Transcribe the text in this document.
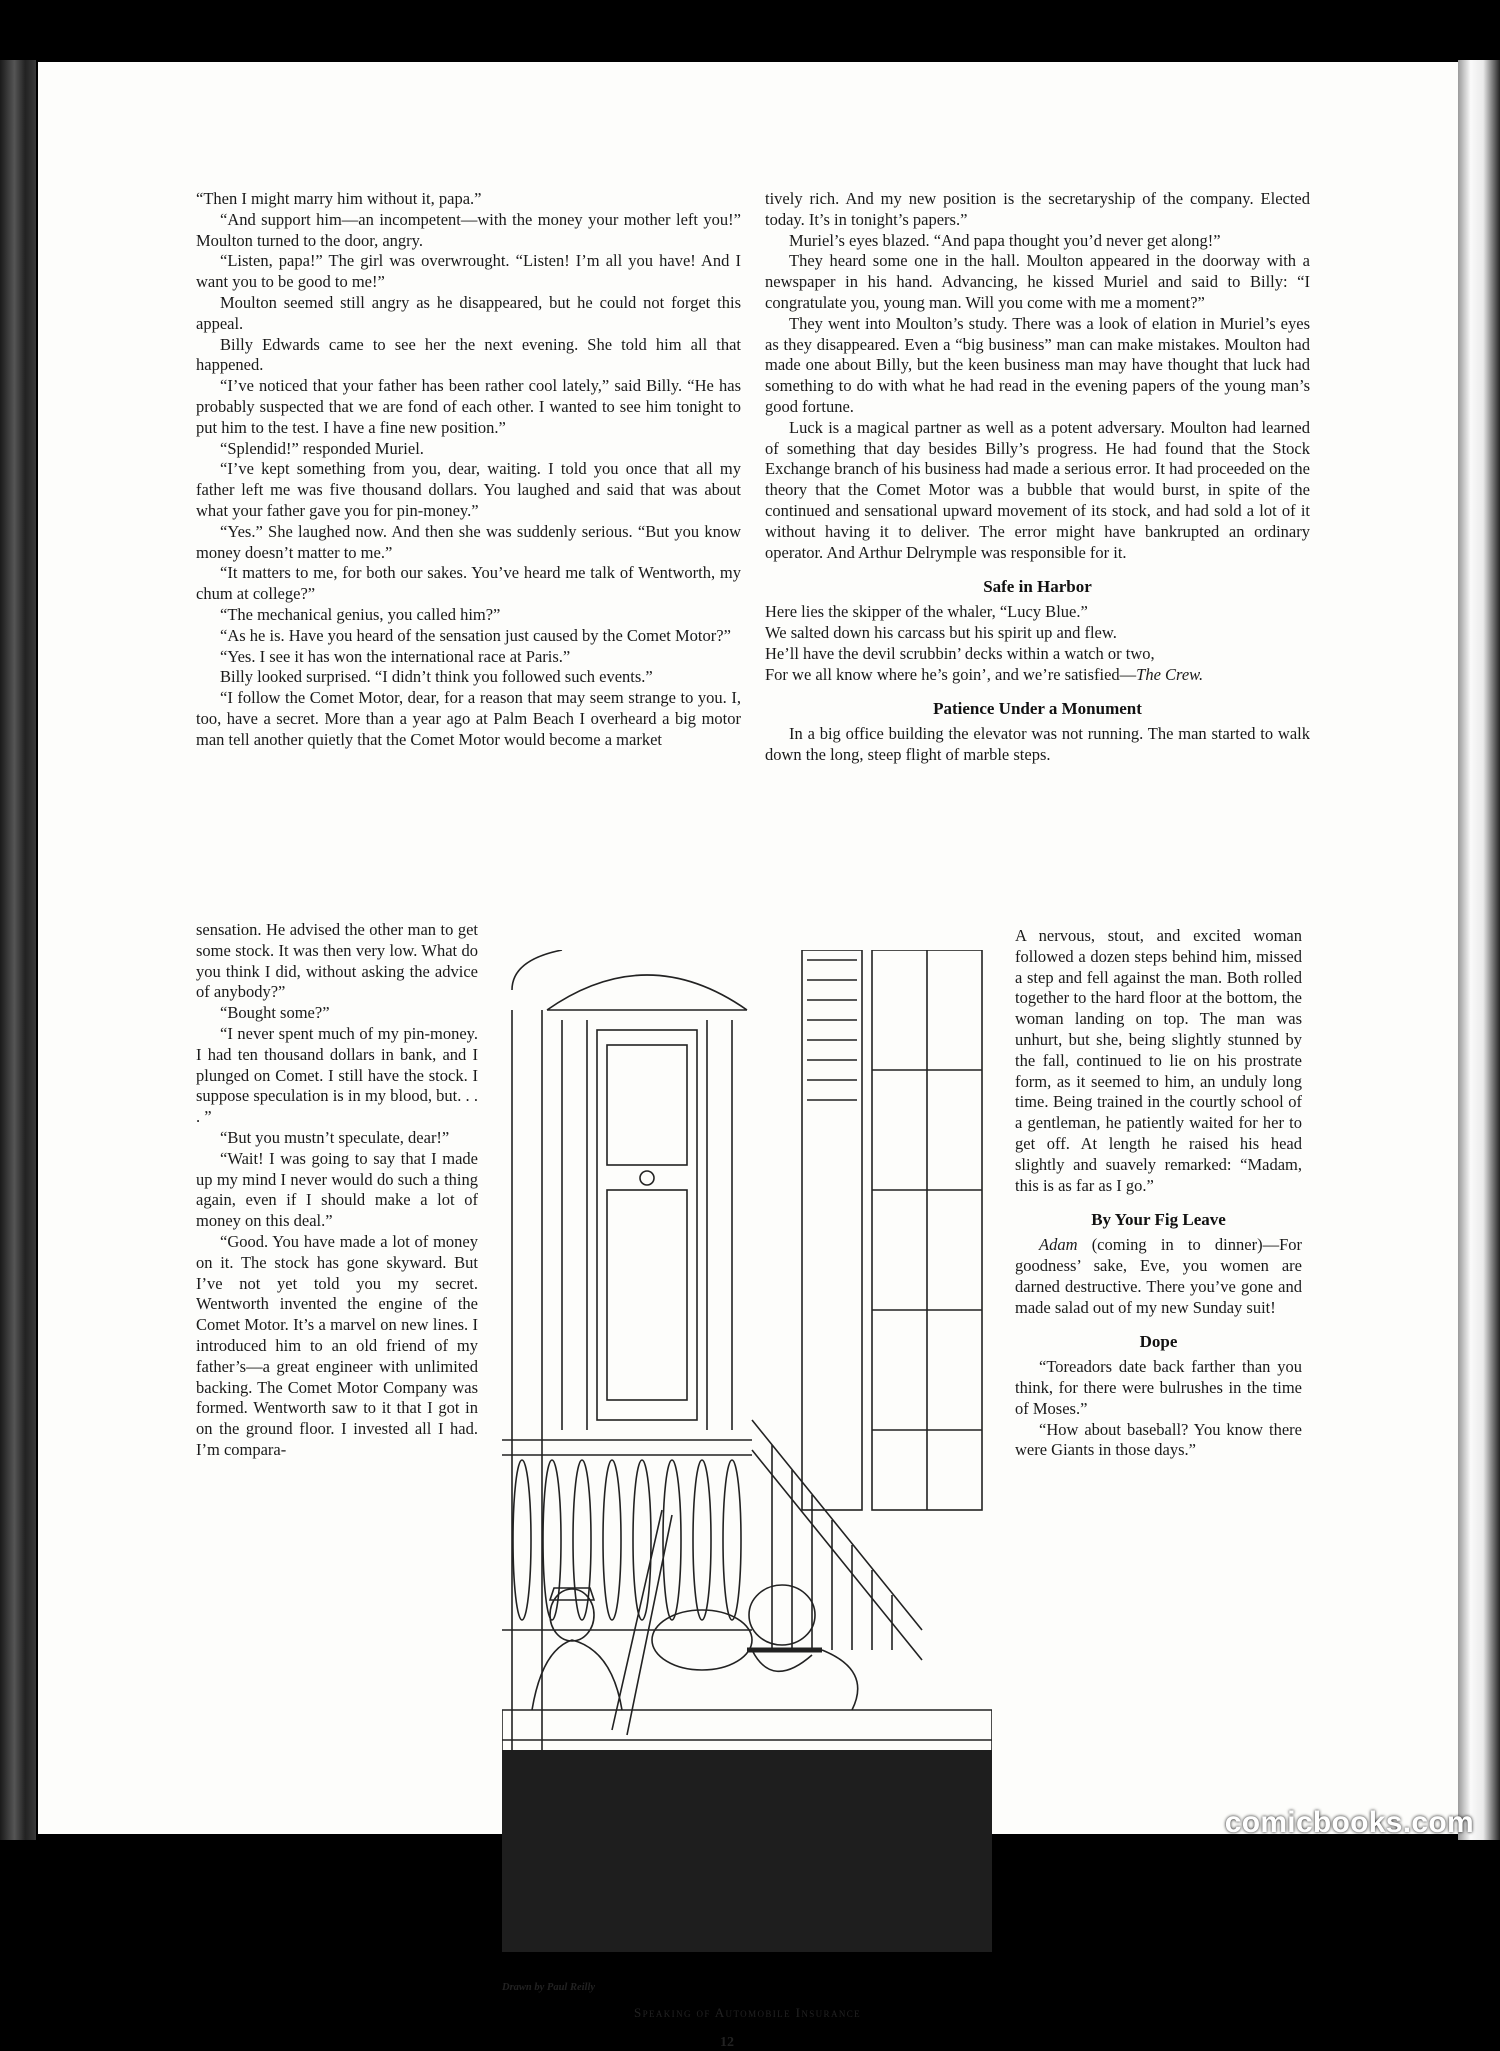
“Then I might marry him without it, papa.”

“And support him—an incompetent—with the money your mother left you!” Moulton turned to the door, angry.

“Listen, papa!” The girl was overwrought. “Listen! I’m all you have! And I want you to be good to me!”

Moulton seemed still angry as he disappeared, but he could not forget this appeal.

Billy Edwards came to see her the next evening. She told him all that happened.

“I’ve noticed that your father has been rather cool lately,” said Billy. “He has probably suspected that we are fond of each other. I wanted to see him tonight to put him to the test. I have a fine new position.”

“Splendid!” responded Muriel.

“I’ve kept something from you, dear, waiting. I told you once that all my father left me was five thousand dollars. You laughed and said that was about what your father gave you for pin-money.”

“Yes.” She laughed now. And then she was suddenly serious. “But you know money doesn’t matter to me.”

“It matters to me, for both our sakes. You’ve heard me talk of Wentworth, my chum at college?”

“The mechanical genius, you called him?”

“As he is. Have you heard of the sensation just caused by the Comet Motor?”

“Yes. I see it has won the international race at Paris.”

Billy looked surprised. “I didn’t think you followed such events.”

“I follow the Comet Motor, dear, for a reason that may seem strange to you. I, too, have a secret. More than a year ago at Palm Beach I overheard a big motor man tell another quietly that the Comet Motor would become a market

sensation. He advised the other man to get some stock. It was then very low. What do you think I did, without asking the advice of anybody?”

“Bought some?”

“I never spent much of my pin-money. I had ten thousand dollars in bank, and I plunged on Comet. I still have the stock. I suppose speculation is in my blood, but. . . . ”

“But you mustn’t speculate, dear!”

“Wait! I was going to say that I made up my mind I never would do such a thing again, even if I should make a lot of money on this deal.”

“Good. You have made a lot of money on it. The stock has gone skyward. But I’ve not yet told you my secret. Wentworth invented the engine of the Comet Motor. It’s a marvel on new lines. I introduced him to an old friend of my father’s—a great engineer with unlimited backing. The Comet Motor Company was formed. Wentworth saw to it that I got in on the ground floor. I invested all I had. I’m compara-

tively rich. And my new position is the secretaryship of the company. Elected today. It’s in tonight’s papers.”

Muriel’s eyes blazed. “And papa thought you’d never get along!”

They heard some one in the hall. Moulton appeared in the doorway with a newspaper in his hand. Advancing, he kissed Muriel and said to Billy: “I congratulate you, young man. Will you come with me a moment?”

They went into Moulton’s study. There was a look of elation in Muriel’s eyes as they disappeared. Even a “big business” man can make mistakes. Moulton had made one about Billy, but the keen business man may have thought that luck had something to do with what he had read in the evening papers of the young man’s good fortune.

Luck is a magical partner as well as a potent adversary. Moulton had learned of something that day besides Billy’s progress. He had found that the Stock Exchange branch of his business had made a serious error. It had proceeded on the theory that the Comet Motor was a bubble that would burst, in spite of the continued and sensational upward movement of its stock, and had sold a lot of it without having it to deliver. The error might have bankrupted an ordinary operator. And Arthur Delrymple was responsible for it.

Safe in Harbor

Here lies the skipper of the whaler, “Lucy Blue.”

We salted down his carcass but his spirit up and flew.

He’ll have the devil scrubbin’ decks within a watch or two,

For we all know where he’s goin’, and we’re satisfied—The Crew.

Patience Under a Monument

In a big office building the elevator was not running. The man started to walk down the long, steep flight of marble steps.

A nervous, stout, and excited woman followed a dozen steps behind him, missed a step and fell against the man. Both rolled together to the hard floor at the bottom, the woman landing on top. The man was unhurt, but she, being slightly stunned by the fall, continued to lie on his prostrate form, as it seemed to him, an unduly long time. Being trained in the courtly school of a gentleman, he patiently waited for her to get off. At length he raised his head slightly and suavely remarked: “Madam, this is as far as I go.”

By Your Fig Leave

Adam (coming in to dinner)—For goodness’ sake, Eve, you women are darned destructive. There you’ve gone and made salad out of my new Sunday suit!

Dope

“Toreadors date back farther than you think, for there were bulrushes in the time of Moses.”

“How about baseball? You know there were Giants in those days.”

Drawn by Paul Reilly
Speaking of Automobile Insurance
12
comicbooks.com
